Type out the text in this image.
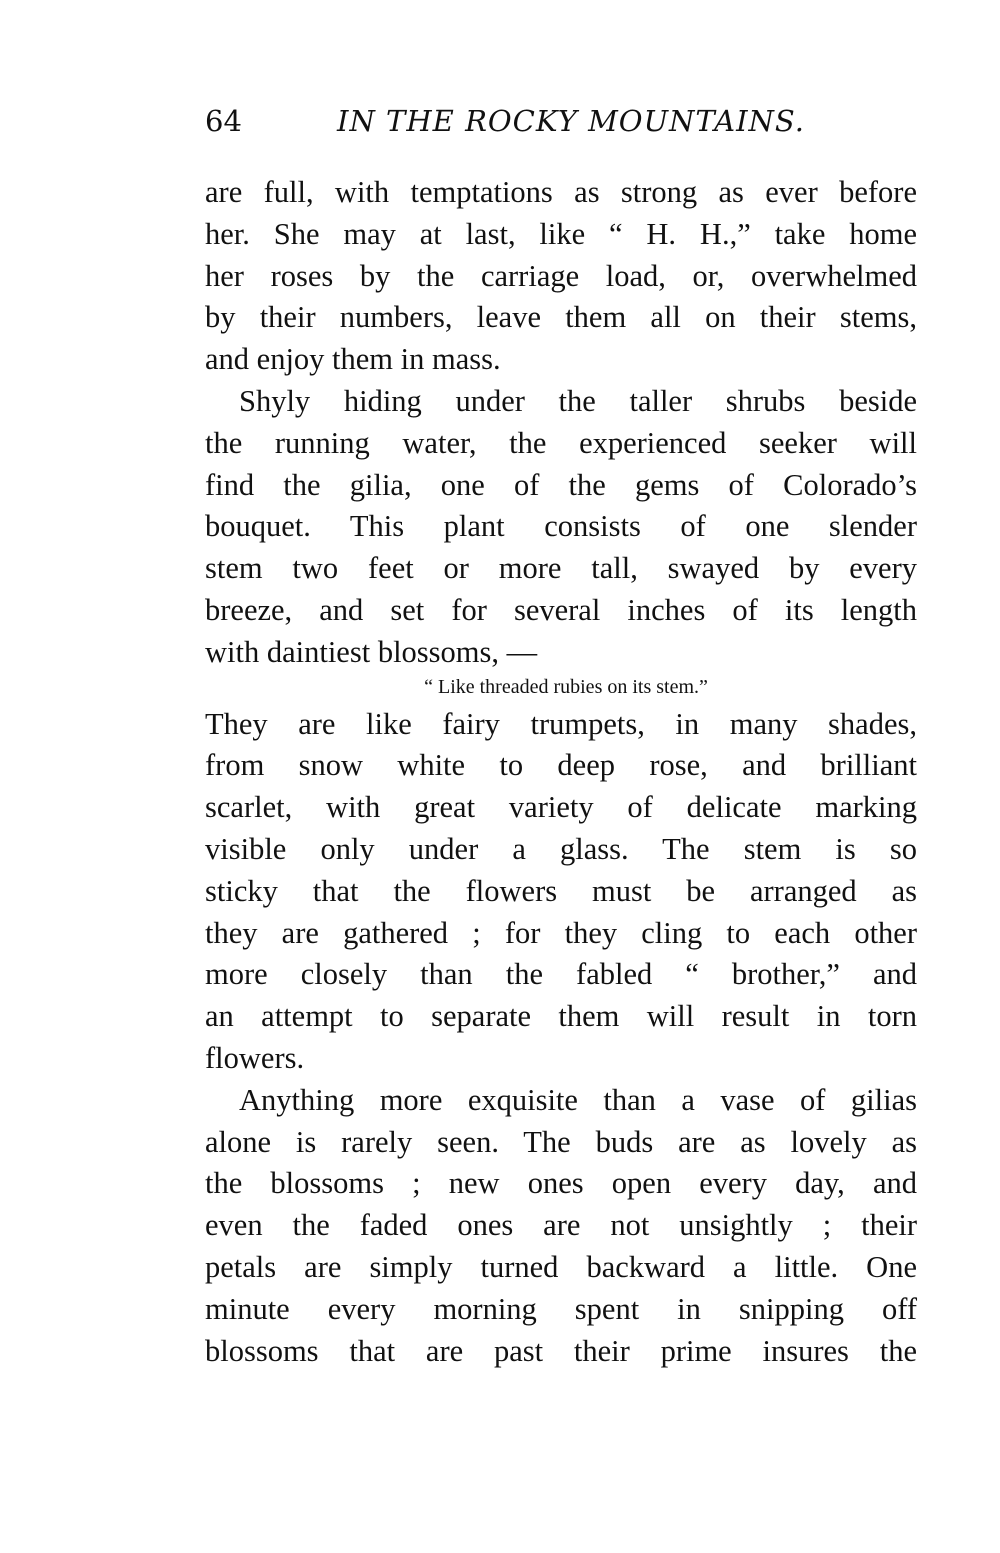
64	IN THE ROCKY MOUNTAINS.
are full, with temptations as strong as ever before
her. She may at last, like “ H. H.,” take home
her roses by the carriage load, or, overwhelmed
by their numbers, leave them all on their stems,
and enjoy them in mass.
Shyly hiding under the taller shrubs beside
the running water, the experienced seeker will
find the gilia, one of the gems of Colorado’s
bouquet. This plant consists of one slender
stem two feet or more tall, swayed by every
breeze, and set for several inches of its length
with daintiest blossoms, —
“ Like threaded rubies on its stem.”
They are like fairy trumpets, in many shades,
from snow white to deep rose, and brilliant
scarlet, with great variety of delicate marking
visible only under a glass. The stem is so
sticky that the flowers must be arranged as
they are gathered ; for they cling to each other
more closely than the fabled “ brother,” and
an attempt to separate them will result in torn
flowers.
Anything more exquisite than a vase of gilias
alone is rarely seen. The buds are as lovely as
the blossoms ; new ones open every day, and
even the faded ones are not unsightly ; their
petals are simply turned backward a little. One
minute every morning spent in snipping off
blossoms that are past their prime insures the
